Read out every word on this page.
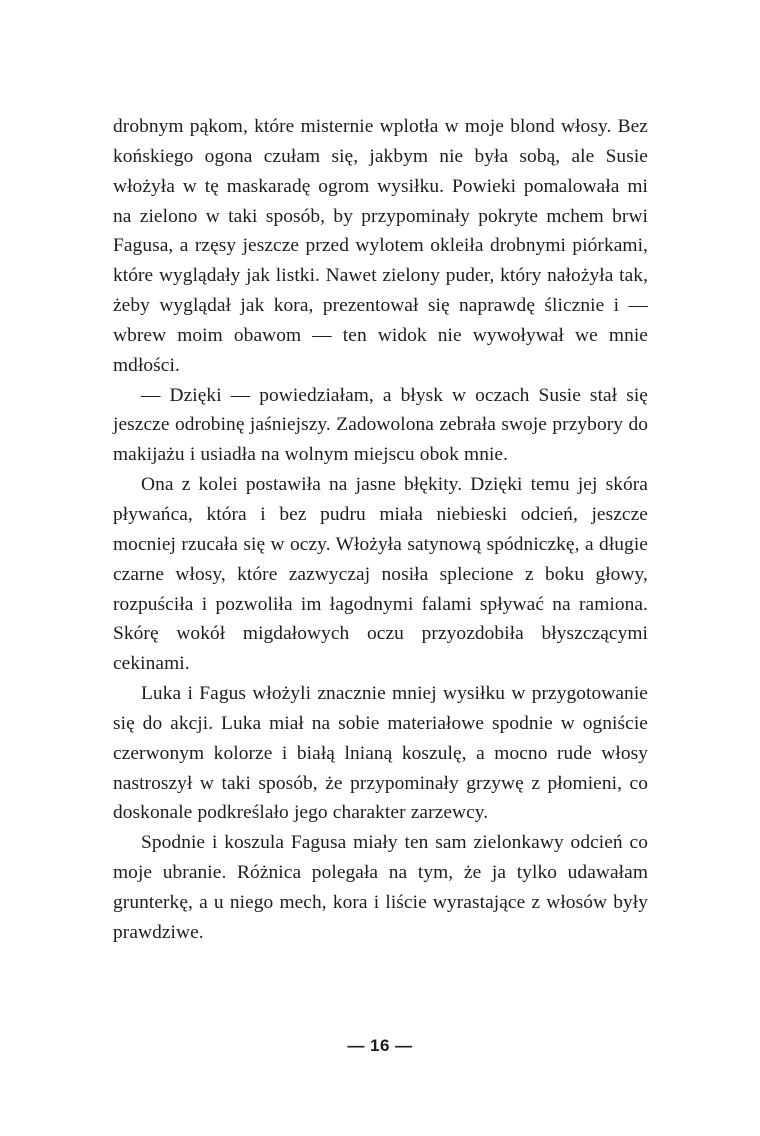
drobnym pąkom, które misternie wplotła w moje blond włosy. Bez końskiego ogona czułam się, jakbym nie była sobą, ale Susie włożyła w tę maskaradę ogrom wysiłku. Powieki pomalowała mi na zielono w taki sposób, by przypominały pokryte mchem brwi Fagusa, a rzęsy jeszcze przed wylotem okleiła drobnymi piórkami, które wyglądały jak listki. Nawet zielony puder, który nałożyła tak, żeby wyglądał jak kora, prezentował się naprawdę ślicznie i — wbrew moim obawom — ten widok nie wywoływał we mnie mdłości.

— Dzięki — powiedziałam, a błysk w oczach Susie stał się jeszcze odrobinę jaśniejszy. Zadowolona zebrała swoje przybory do makijażu i usiadła na wolnym miejscu obok mnie.

Ona z kolei postawiła na jasne błękity. Dzięki temu jej skóra pływańca, która i bez pudru miała niebieski odcień, jeszcze mocniej rzucała się w oczy. Włożyła satynową spódniczkę, a długie czarne włosy, które zazwyczaj nosiła splecione z boku głowy, rozpuściła i pozwoliła im łagodnymi falami spływać na ramiona. Skórę wokół migdałowych oczu przyozdobiła błyszczącymi cekinami.

Luka i Fagus włożyli znacznie mniej wysiłku w przygotowanie się do akcji. Luka miał na sobie materiałowe spodnie w ogniście czerwonym kolorze i białą lnianą koszulę, a mocno rude włosy nastroszył w taki sposób, że przypominały grzywę z płomieni, co doskonale podkreślało jego charakter zarzewcy.

Spodnie i koszula Fagusa miały ten sam zielonkawy odcień co moje ubranie. Różnica polegała na tym, że ja tylko udawałam grunterkę, a u niego mech, kora i liście wyrastające z włosów były prawdziwe.

— 16 —
